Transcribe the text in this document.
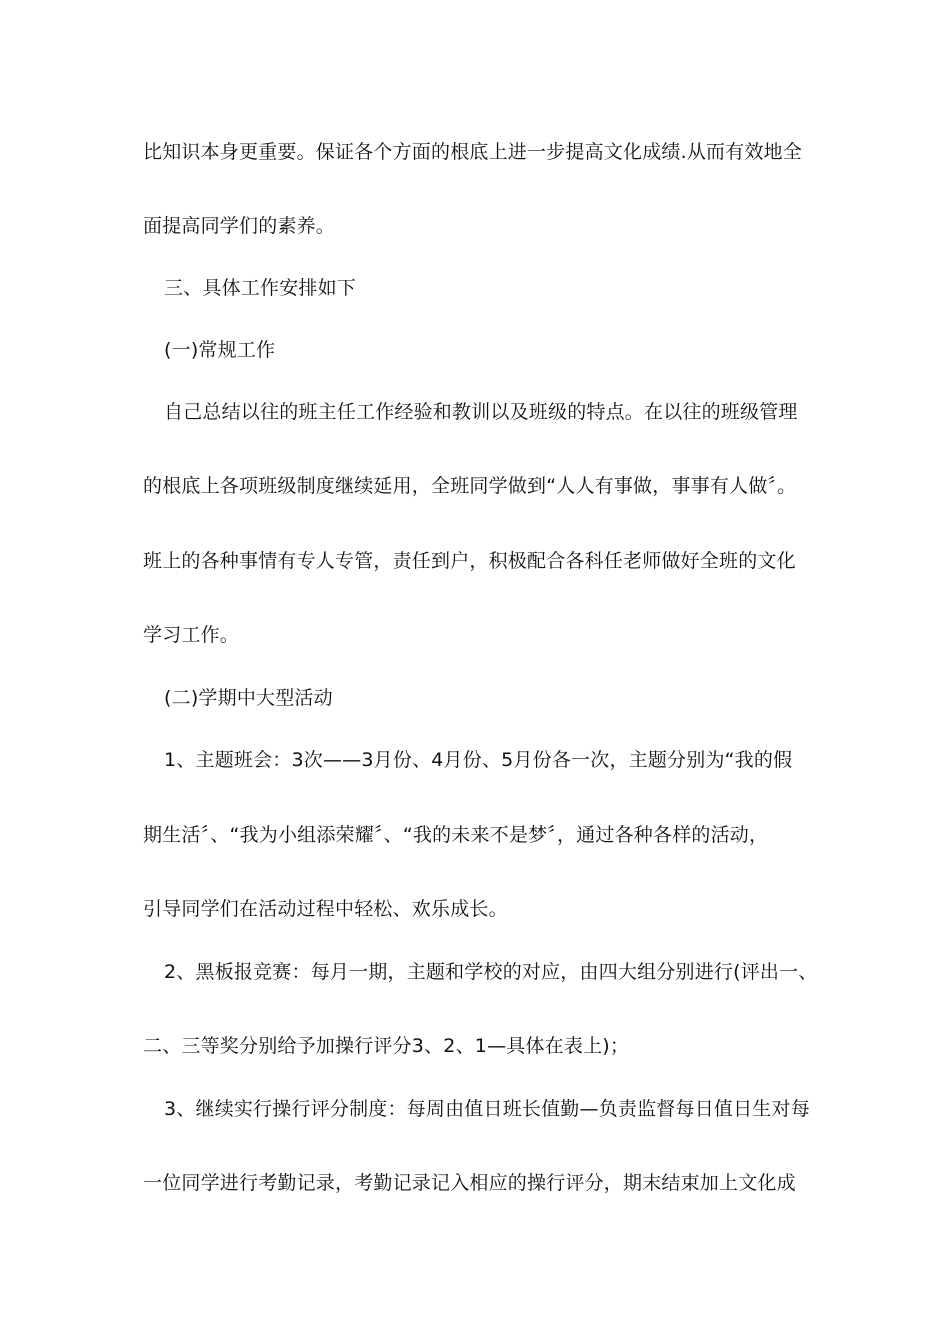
比知识本身更重要。保证各个方面的根底上进一步提高文化成绩.从而有效地全
面提高同学们的素养。
三、具体工作安排如下
(一)常规工作
自己总结以往的班主任工作经验和教训以及班级的特点。在以往的班级管理
的根底上各项班级制度继续延用，全班同学做到“人人有事做，事事有人做〞。
班上的各种事情有专人专管，责任到户，积极配合各科任老师做好全班的文化
学习工作。
(二)学期中大型活动
1、主题班会：3次——3月份、4月份、5月份各一次，主题分别为“我的假
期生活〞、“我为小组添荣耀〞、“我的未来不是梦〞，通过各种各样的活动，
引导同学们在活动过程中轻松、欢乐成长。
2、黑板报竞赛：每月一期，主题和学校的对应，由四大组分别进行(评出一、
二、三等奖分别给予加操行评分3、2、1—具体在表上)；
3、继续实行操行评分制度：每周由值日班长值勤—负责监督每日值日生对每
一位同学进行考勤记录，考勤记录记入相应的操行评分，期末结束加上文化成
